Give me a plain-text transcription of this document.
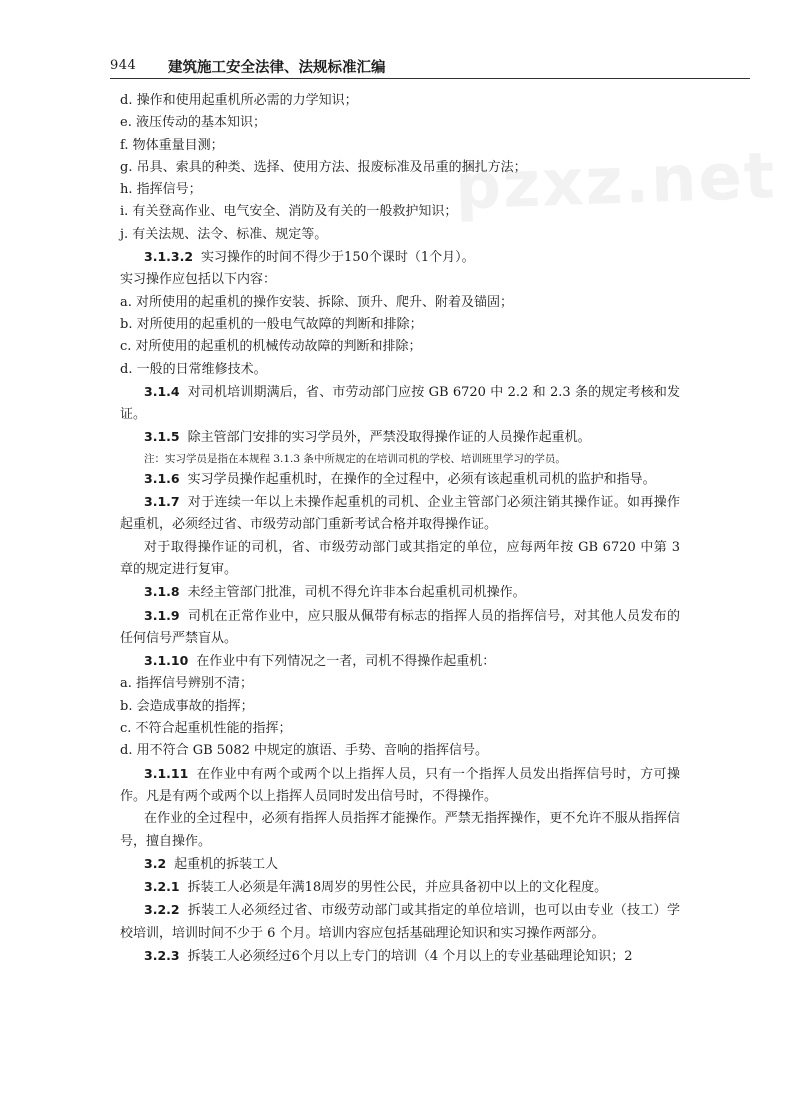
944 建筑施工安全法律、法规标准汇编
pzxz.net
d. 操作和使用起重机所必需的力学知识；
e. 液压传动的基本知识；
f. 物体重量目测；
g. 吊具、索具的种类、选择、使用方法、报废标准及吊重的捆扎方法；
h. 指挥信号；
i. 有关登高作业、电气安全、消防及有关的一般救护知识；
j. 有关法规、法令、标准、规定等。
3.1.3.2 实习操作的时间不得少于150个课时（1个月）。
实习操作应包括以下内容：
a. 对所使用的起重机的操作安装、拆除、顶升、爬升、附着及锚固；
b. 对所使用的起重机的一般电气故障的判断和排除；
c. 对所使用的起重机的机械传动故障的判断和排除；
d. 一般的日常维修技术。
3.1.4 对司机培训期满后，省、市劳动部门应按 GB 6720 中 2.2 和 2.3 条的规定考核和发证。
3.1.5 除主管部门安排的实习学员外，严禁没取得操作证的人员操作起重机。
注：实习学员是指在本规程 3.1.3 条中所规定的在培训司机的学校、培训班里学习的学员。
3.1.6 实习学员操作起重机时，在操作的全过程中，必须有该起重机司机的监护和指导。
3.1.7 对于连续一年以上未操作起重机的司机、企业主管部门必须注销其操作证。如再操作起重机，必须经过省、市级劳动部门重新考试合格并取得操作证。
对于取得操作证的司机，省、市级劳动部门或其指定的单位，应每两年按 GB 6720 中第 3 章的规定进行复审。
3.1.8 未经主管部门批准，司机不得允许非本台起重机司机操作。
3.1.9 司机在正常作业中，应只服从佩带有标志的指挥人员的指挥信号，对其他人员发布的任何信号严禁盲从。
3.1.10 在作业中有下列情况之一者，司机不得操作起重机：
a. 指挥信号辨别不清；
b. 会造成事故的指挥；
c. 不符合起重机性能的指挥；
d. 用不符合 GB 5082 中规定的旗语、手势、音响的指挥信号。
3.1.11 在作业中有两个或两个以上指挥人员，只有一个指挥人员发出指挥信号时，方可操作。凡是有两个或两个以上指挥人员同时发出信号时，不得操作。
在作业的全过程中，必须有指挥人员指挥才能操作。严禁无指挥操作，更不允许不服从指挥信号，擅自操作。
3.2 起重机的拆装工人
3.2.1 拆装工人必须是年满18周岁的男性公民，并应具备初中以上的文化程度。
3.2.2 拆装工人必须经过省、市级劳动部门或其指定的单位培训，也可以由专业（技工）学校培训，培训时间不少于 6 个月。培训内容应包括基础理论知识和实习操作两部分。
3.2.3 拆装工人必须经过6个月以上专门的培训（4 个月以上的专业基础理论知识；2
